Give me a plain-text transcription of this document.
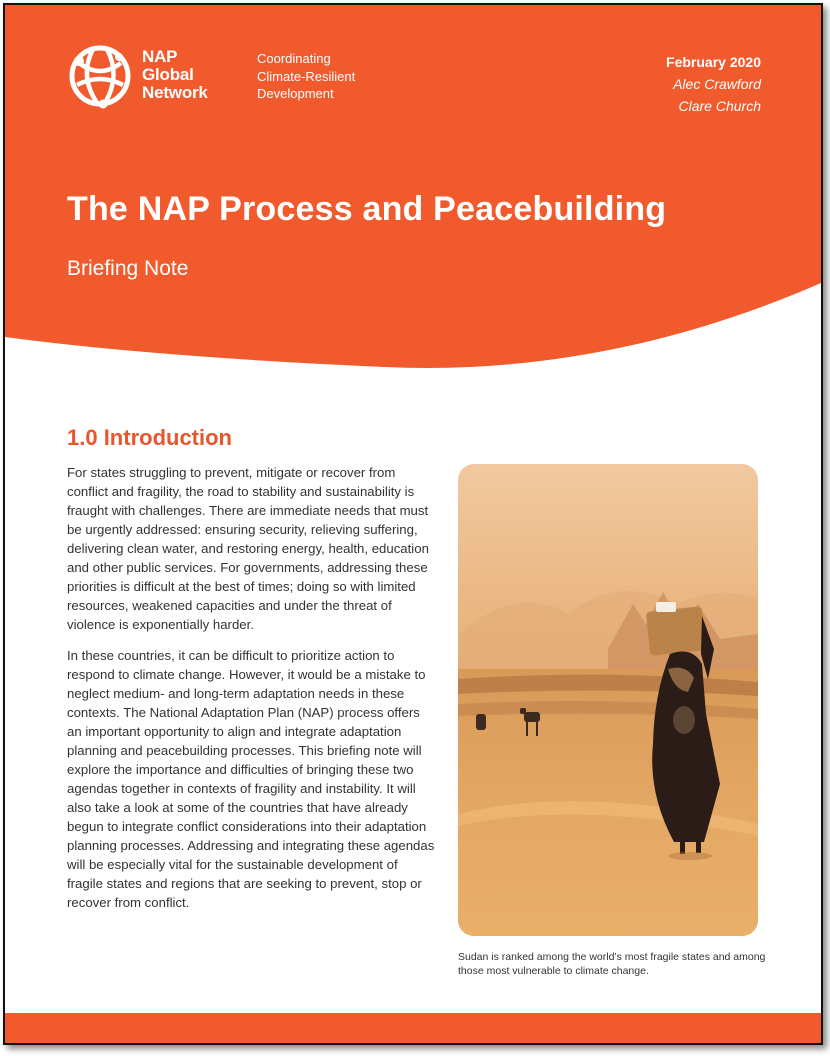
NAP
Global
Network
Coordinating
Climate-Resilient
Development
February 2020
Alec Crawford
Clare Church
The NAP Process and Peacebuilding
Briefing Note
1.0 Introduction

For states struggling to prevent, mitigate or recover from conflict and fragility, the road to stability and sustainability is fraught with challenges. There are immediate needs that must be urgently addressed: ensuring security, relieving suffering, delivering clean water, and restoring energy, health, education and other public services. For governments, addressing these priorities is difficult at the best of times; doing so with limited resources, weakened capacities and under the threat of violence is exponentially harder.

In these countries, it can be difficult to prioritize action to respond to climate change. However, it would be a mistake to neglect medium- and long-term adaptation needs in these contexts. The National Adaptation Plan (NAP) process offers an important opportunity to align and integrate adaptation planning and peacebuilding processes. This briefing note will explore the importance and difficulties of bringing these two agendas together in contexts of fragility and instability. It will also take a look at some of the countries that have already begun to integrate conflict considerations into their adaptation planning processes. Addressing and integrating these agendas will be especially vital for the sustainable development of fragile states and regions that are seeking to prevent, stop or recover from conflict.

Sudan is ranked among the world’s most fragile states and among those most vulnerable to climate change.
